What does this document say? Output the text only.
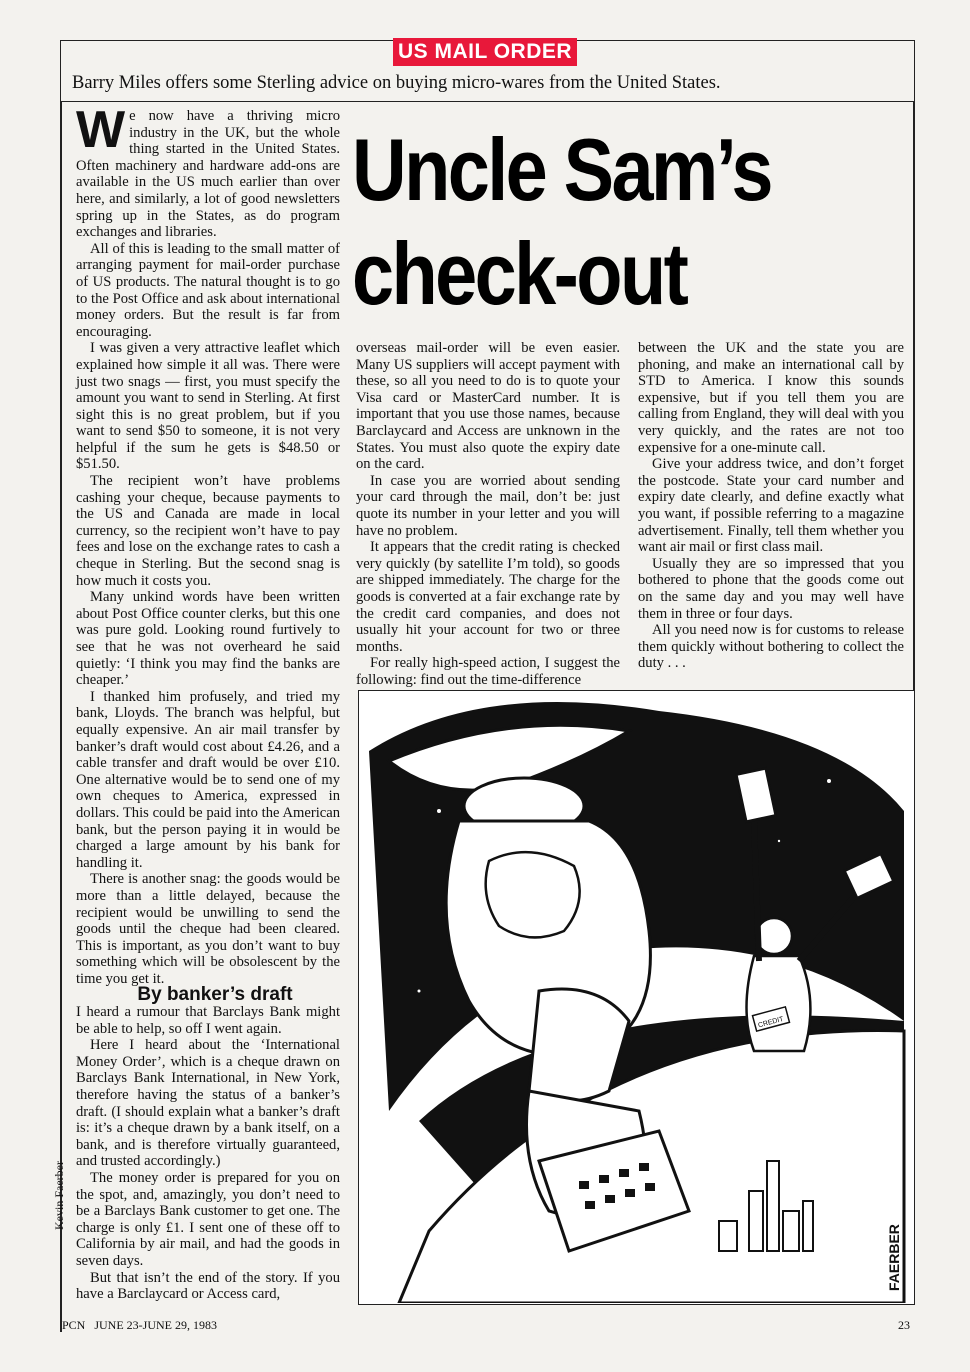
US MAIL ORDER
Barry Miles offers some Sterling advice on buying micro-wares from the United States.
Uncle Sam’s
check-out

We now have a thriving micro industry in the UK, but the whole thing started in the United States. Often machinery and hardware add-ons are available in the US much earlier than over here, and similarly, a lot of good newsletters spring up in the States, as do program exchanges and libraries.

All of this is leading to the small matter of arranging payment for mail-order purchase of US products. The natural thought is to go to the Post Office and ask about international money orders. But the result is far from encouraging.

I was given a very attractive leaflet which explained how simple it all was. There were just two snags — first, you must specify the amount you want to send in Sterling. At first sight this is no great problem, but if you want to send $50 to someone, it is not very helpful if the sum he gets is $48.50 or $51.50.

The recipient won’t have problems cashing your cheque, because payments to the US and Canada are made in local currency, so the recipient won’t have to pay fees and lose on the exchange rates to cash a cheque in Sterling. But the second snag is how much it costs you.

Many unkind words have been written about Post Office counter clerks, but this one was pure gold. Looking round furtively to see that he was not overheard he said quietly: ‘I think you may find the banks are cheaper.’

I thanked him profusely, and tried my bank, Lloyds. The branch was helpful, but equally expensive. An air mail transfer by banker’s draft would cost about £4.26, and a cable transfer and draft would be over £10. One alternative would be to send one of my own cheques to America, expressed in dollars. This could be paid into the American bank, but the person paying it in would be charged a large amount by his bank for handling it.

There is another snag: the goods would be more than a little delayed, because the recipient would be unwilling to send the goods until the cheque had been cleared. This is important, as you don’t want to buy something which will be obsolescent by the time you get it.

By banker’s draft

I heard a rumour that Barclays Bank might be able to help, so off I went again.

Here I heard about the ‘International Money Order’, which is a cheque drawn on Barclays Bank International, in New York, therefore having the status of a banker’s draft. (I should explain what a banker’s draft is: it’s a cheque drawn by a bank itself, on a bank, and is therefore virtually guaranteed, and trusted accordingly.)

The money order is prepared for you on the spot, and, amazingly, you don’t need to be a Barclays Bank customer to get one. The charge is only £1. I sent one of these off to California by air mail, and had the goods in seven days.

But that isn’t the end of the story. If you have a Barclaycard or Access card,

overseas mail-order will be even easier. Many US suppliers will accept payment with these, so all you need to do is to quote your Visa card or MasterCard number. It is important that you use those names, because Barclaycard and Access are unknown in the States. You must also quote the expiry date on the card.

In case you are worried about sending your card through the mail, don’t be: just quote its number in your letter and you will have no problem.

It appears that the credit rating is checked very quickly (by satellite I’m told), so goods are shipped immediately. The charge for the goods is converted at a fair exchange rate by the credit card companies, and does not usually hit your account for two or three months.

For really high-speed action, I suggest the following: find out the time-difference

between the UK and the state you are phoning, and make an international call by STD to America. I know this sounds expensive, but if you tell them you are calling from England, they will deal with you very quickly, and the rates are not too expensive for a one-minute call.

Give your address twice, and don’t forget the postcode. State your card number and expiry date clearly, and define exactly what you want, if possible referring to a magazine advertisement. Finally, tell them whether you want air mail or first class mail.

Usually they are so impressed that you bothered to phone that the goods come out on the same day and you may well have them in three or four days.

All you need now is for customs to release them quickly without bothering to collect the duty . . .

CREDIT
FAERBER
Kevin Faerber
PCN   JUNE 23-JUNE 29, 1983	23
